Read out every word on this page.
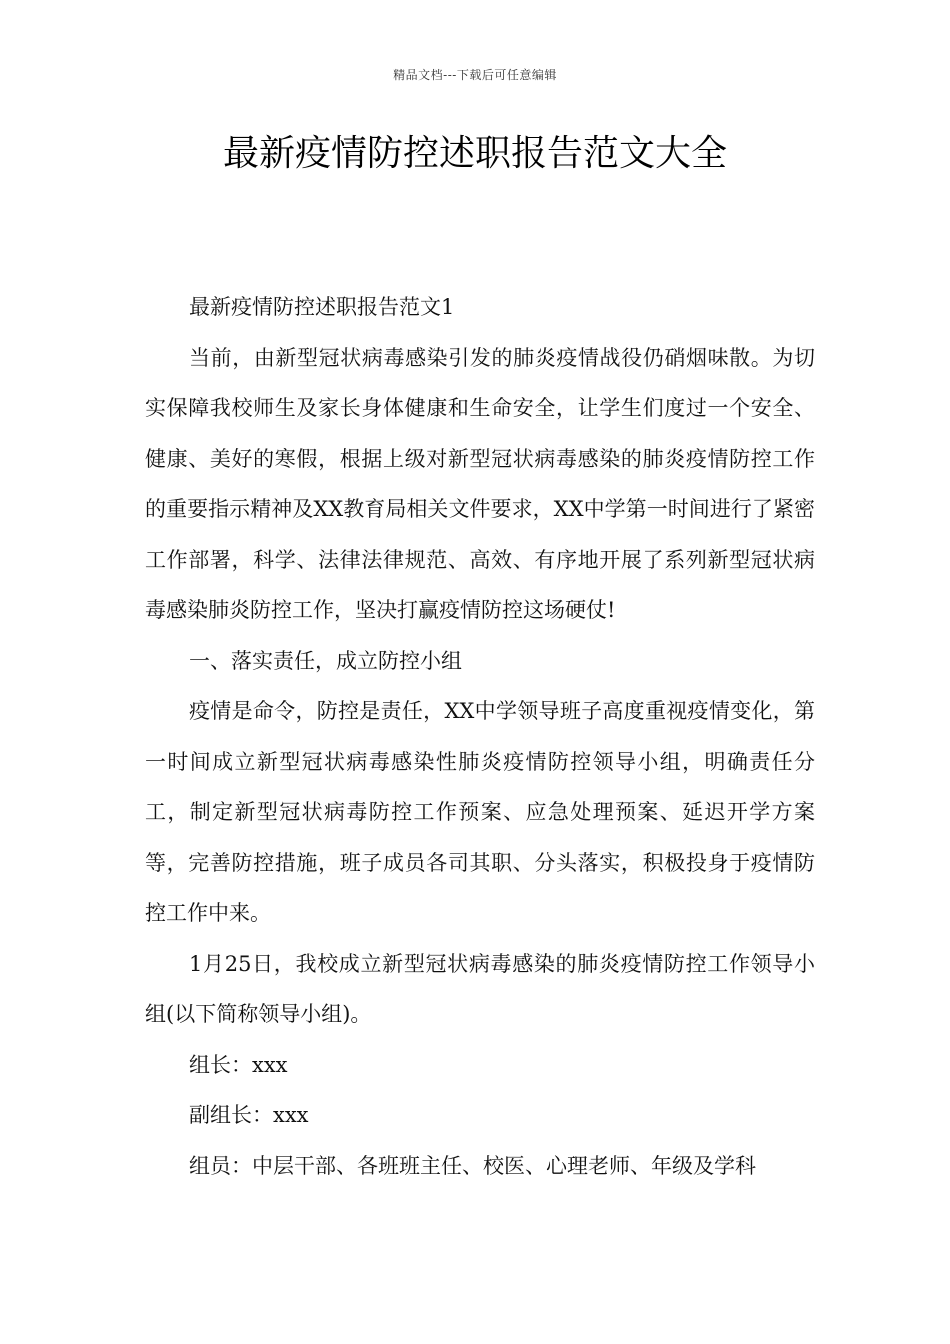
精品文档---下载后可任意编辑
最新疫情防控述职报告范文大全

最新疫情防控述职报告范文1

当前，由新型冠状病毒感染引发的肺炎疫情战役仍硝烟味散。为切实保障我校师生及家长身体健康和生命安全，让学生们度过一个安全、健康、美好的寒假，根据上级对新型冠状病毒感染的肺炎疫情防控工作的重要指示精神及XX教育局相关文件要求，XX中学第一时间进行了紧密工作部署，科学、法律法律规范、高效、有序地开展了系列新型冠状病毒感染肺炎防控工作，坚决打赢疫情防控这场硬仗!

一、落实责任，成立防控小组

疫情是命令，防控是责任，XX中学领导班子高度重视疫情变化，第一时间成立新型冠状病毒感染性肺炎疫情防控领导小组，明确责任分工，制定新型冠状病毒防控工作预案、应急处理预案、延迟开学方案等，完善防控措施，班子成员各司其职、分头落实，积极投身于疫情防控工作中来。

1月25日，我校成立新型冠状病毒感染的肺炎疫情防控工作领导小组(以下简称领导小组)。

组长：xxx

副组长：xxx

组员：中层干部、各班班主任、校医、心理老师、年级及学科
